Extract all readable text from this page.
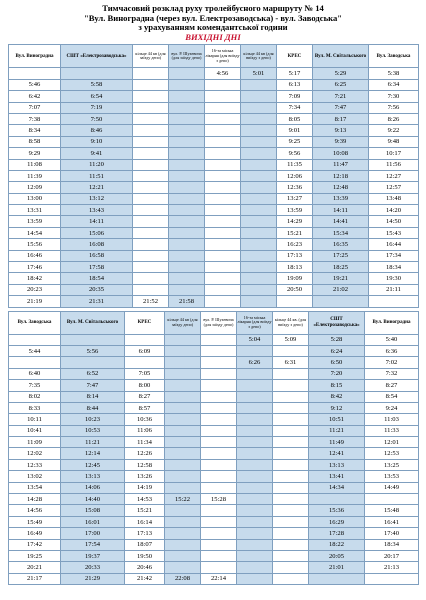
Тимчасовий розклад руху тролейбусного маршруту № 14
"Вул. Виноградна (через вул. Електрозаводська) - вул. Заводська"
з урахуванням комендантської години
ВИХІДНІ ДНІ
Вул. Виноградна	СШТ «Електрозаводська»	кільце 44 кв (для заїзду депо)	вул. Р. Шухевича (для заїзду депо)	16-та міська лікарня (для виїзду з депо)	кільце 44 кв (для виїзду з депо)	КРЕС	Вул. М. Світальського	Вул. Заводська
				4:56	5:01	5:17	5:29	5:38
5:46	5:58					6:13	6:25	6:34
6:42	6:54					7:09	7:21	7:30
7:07	7:19					7:34	7:47	7:56
7:38	7:50					8:05	8:17	8:26
8:34	8:46					9:01	9:13	9:22
8:58	9:10					9:25	9:39	9:48
9:29	9:41					9:56	10:08	10:17
11:08	11:20					11:35	11:47	11:56
11:39	11:51					12:06	12:18	12:27
12:09	12:21					12:36	12:48	12:57
13:00	13:12					13:27	13:39	13:48
13:31	13:43					13:59	14:11	14:20
13:59	14:11					14:29	14:41	14:50
14:54	15:06					15:21	15:34	15:43
15:56	16:08					16:23	16:35	16:44
16:46	16:58					17:13	17:25	17:34
17:46	17:58					18:13	18:25	18:34
18:42	18:54					19:09	19:21	19:30
20:23	20:35					20:50	21:02	21:11
21:19	21:31	21:52	21:58					
Вул. Заводська	Вул. М. Світальського	КРЕС	кільце 44 кв (для заїзду депо)	вул. Р. Шухевича (для заїзду депо)	16-та міська лікарня (для виїзду з депо)	кільце 44 кв. (для виїзду з депо)	СШТ «Електрозаводська»	Вул. Виноградна
					5:04	5:09	5:28	5:40
5:44	5:56	6:09					6:24	6:36
					6:26	6:31	6:50	7:02
6:40	6:52	7:05					7:20	7:32
7:35	7:47	8:00					8:15	8:27
8:02	8:14	8:27					8:42	8:54
8:33	8:44	8:57					9:12	9:24
10:11	10:23	10:36					10:51	11:03
10:41	10:53	11:06					11:21	11:33
11:09	11:21	11:34					11:49	12:01
12:02	12:14	12:26					12:41	12:53
12:33	12:45	12:58					13:13	13:25
13:02	13:13	13:26					13:41	13:53
13:54	14:06	14:19					14:34	14:49
14:28	14:40	14:53	15:22	15:28				
14:56	15:08	15:21					15:36	15:48
15:49	16:01	16:14					16:29	16:41
16:49	17:00	17:13					17:28	17:40
17:42	17:54	18:07					18:22	18:34
19:25	19:37	19:50					20:05	20:17
20:21	20:33	20:46					21:01	21:13
21:17	21:29	21:42	22:08	22:14				
